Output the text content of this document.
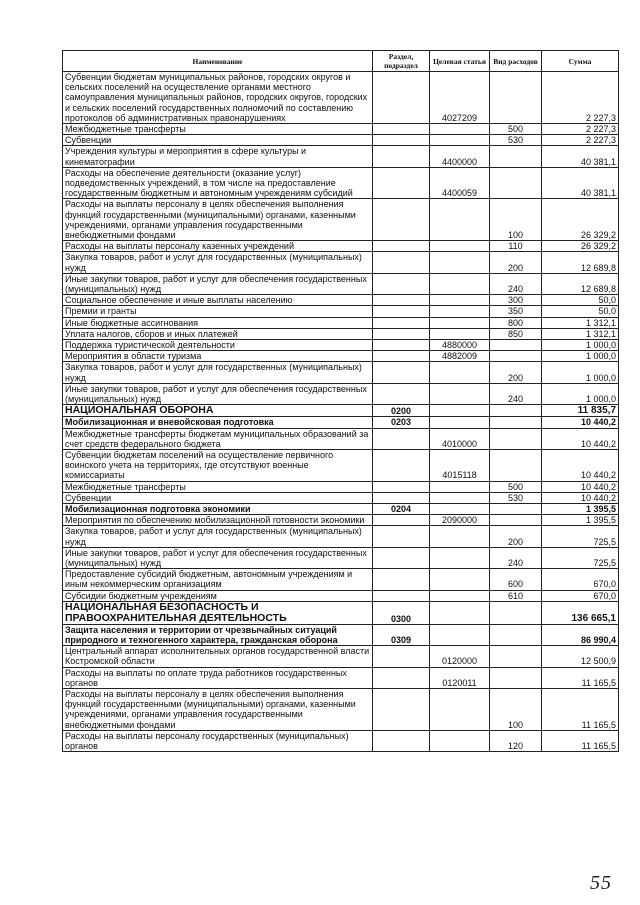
Наименование	Раздел, подраздел	Целевая статья	Вид расходов	Сумма
Субвенции бюджетам муниципальных районов, городских округов и сельских поселений на осуществление органами местного самоуправления муниципальных районов, городских округов, городских и сельских поселений государственных полномочий по составлению протоколов об административных правонарушениях		4027209		2 227,3
Межбюджетные трансферты			500	2 227,3
Субвенции			530	2 227,3
Учреждения культуры и мероприятия в сфере культуры и кинематографии		4400000		40 381,1
Расходы на обеспечение деятельности (оказание услуг) подведомственных учреждений, в том числе на предоставление государственным бюджетным и автономным учреждениям субсидий		4400059		40 381,1
Расходы на выплаты персоналу в целях обеспечения выполнения функций государственными (муниципальными) органами, казенными учреждениями, органами управления государственными внебюджетными фондами			100	26 329,2
Расходы на выплаты персоналу казенных учреждений			110	26 329,2
Закупка товаров, работ и услуг для государственных (муниципальных) нужд			200	12 689,8
Иные закупки товаров, работ и услуг для обеспечения государственных (муниципальных) нужд			240	12 689,8
Социальное обеспечение и иные выплаты населению			300	50,0
Премии и гранты			350	50,0
Иные бюджетные ассигнования			800	1 312,1
Уплата налогов, сборов и иных платежей			850	1 312,1
Поддержка туристической деятельности		4880000		1 000,0
Мероприятия в области туризма		4882009		1 000,0
Закупка товаров, работ и услуг для государственных (муниципальных) нужд			200	1 000,0
Иные закупки товаров, работ и услуг для обеспечения государственных (муниципальных) нужд			240	1 000,0
НАЦИОНАЛЬНАЯ ОБОРОНА	0200			11 835,7
Мобилизационная и вневойсковая подготовка	0203			10 440,2
Межбюджетные трансферты бюджетам муниципальных образований за счет средств федерального бюджета		4010000		10 440,2
Субвенции бюджетам поселений на осуществление первичного воинского учета на территориях, где отсутствуют военные комиссариаты		4015118		10 440,2
Межбюджетные трансферты			500	10 440,2
Субвенции			530	10 440,2
Мобилизационная подготовка экономики	0204			1 395,5
Мероприятия по обеспечению мобилизационной готовности экономики		2090000		1 395,5
Закупка товаров, работ и услуг для государственных (муниципальных) нужд			200	725,5
Иные закупки товаров, работ и услуг для обеспечения государственных (муниципальных) нужд			240	725,5
Предоставление субсидий бюджетным, автономным учреждениям и иным некоммерческим организациям			600	670,0
Субсидии бюджетным учреждениям			610	670,0
НАЦИОНАЛЬНАЯ БЕЗОПАСНОСТЬ И ПРАВООХРАНИТЕЛЬНАЯ ДЕЯТЕЛЬНОСТЬ	0300			136 665,1
Защита населения и территории от чрезвычайных ситуаций природного и техногенного характера, гражданская оборона	0309			86 990,4
Центральный аппарат исполнительных органов государственной власти Костромской области		0120000		12 500,9
Расходы на выплаты по оплате труда работников государственных органов		0120011		11 165,5
Расходы на выплаты персоналу в целях обеспечения выполнения функций государственными (муниципальными) органами, казенными учреждениями, органами управления государственными внебюджетными фондами			100	11 165,5
Расходы на выплаты персоналу государственных (муниципальных) органов			120	11 165,5
55
